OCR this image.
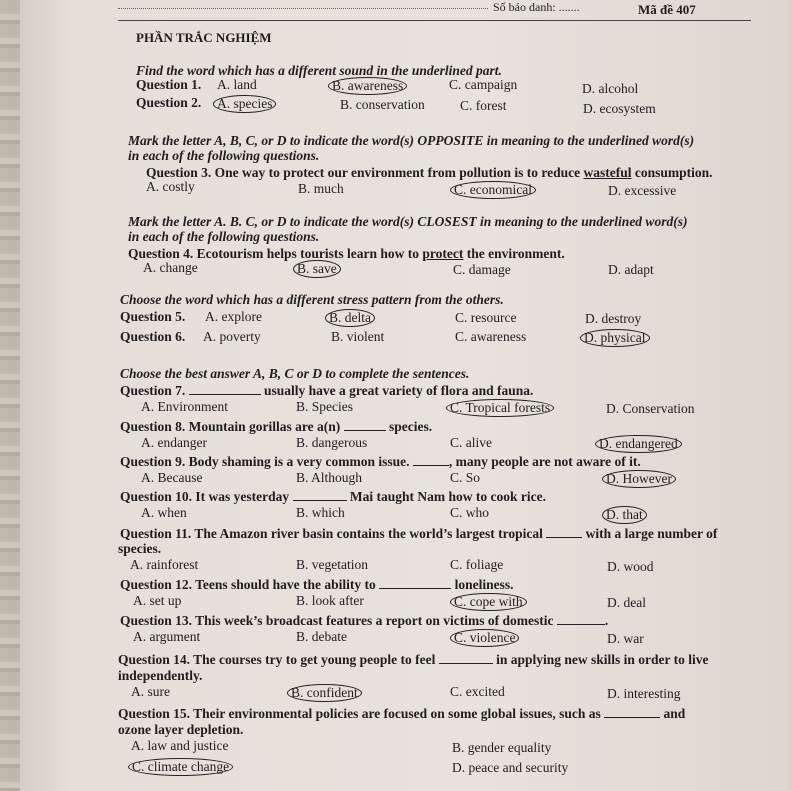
Số báo danh: .......	Mã đề 407
PHẦN TRẮC NGHIỆM
Find the word which has a different sound in the underlined part.
Question 1. A. land	B. awareness	C. campaign	D. alcohol
Question 2. A. species	B. conservation	C. forest	D. ecosystem
Mark the letter A, B, C, or D to indicate the word(s) OPPOSITE in meaning to the underlined word(s)
in each of the following questions.
Question 3. One way to protect our environment from pollution is to reduce wasteful consumption.
A. costly	B. much	C. economical	D. excessive
Mark the letter A. B. C, or D to indicate the word(s) CLOSEST in meaning to the underlined word(s)
in each of the following questions.
Question 4. Ecotourism helps tourists learn how to protect the environment.
A. change	B. save	C. damage	D. adapt
Choose the word which has a different stress pattern from the others.
Question 5. A. explore	B. delta	C. resource	D. destroy
Question 6. A. poverty	B. violent	C. awareness	D. physical
Choose the best answer A, B, C or D to complete the sentences.
Question 7.	usually have a great variety of flora and fauna.
A. Environment	B. Species	C. Tropical forests	D. Conservation
Question 8. Mountain gorillas are a(n)	species.
A. endanger	B. dangerous	C. alive	D. endangered
Question 9. Body shaming is a very common issue.	, many people are not aware of it.
A. Because	B. Although	C. So	D. However
Question 10. It was yesterday	Mai taught Nam how to cook rice.
A. when	B. which	C. who	D. that
Question 11. The Amazon river basin contains the world’s largest tropical	with a large number of
species.
A. rainforest	B. vegetation	C. foliage	D. wood
Question 12. Teens should have the ability to	loneliness.
A. set up	B. look after	C. cope with	D. deal
Question 13. This week’s broadcast features a report on victims of domestic	.
A. argument	B. debate	C. violence	D. war
Question 14. The courses try to get young people to feel	in applying new skills in order to live
independently.
A. sure	B. confident	C. excited	D. interesting
Question 15. Their environmental policies are focused on some global issues, such as	and
ozone layer depletion.
A. law and justice	B. gender equality
C. climate change	D. peace and security
